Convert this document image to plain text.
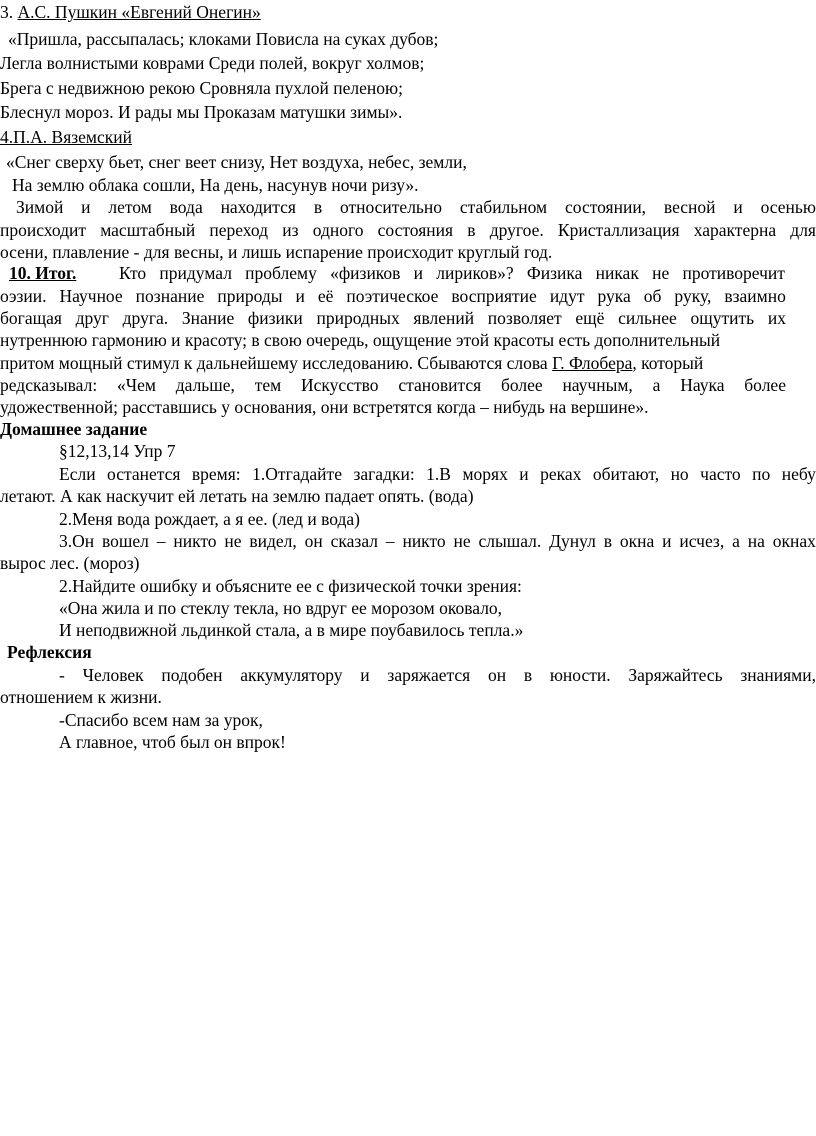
3. А.С. Пушкин «Евгений Онегин»
«Пришла, рассыпалась; клоками Повисла на суках дубов;
Легла волнистыми коврами Среди полей, вокруг холмов;
Брега с недвижною рекою Сровняла пухлой пеленою;
Блеснул мороз. И рады мы Проказам матушки зимы».
4.П.А. Вяземский
«Снег сверху бьет, снег веет снизу, Нет воздуха, небес, земли,
На землю облака сошли, На день, насунув ночи ризу».
Зимой и летом вода находится в относительно стабильном состоянии, весной и осенью
происходит масштабный переход из одного состояния в другое. Кристаллизация характерна для
осени, плавление - для весны, и лишь испарение происходит круглый год.
10. Итог. Кто придумал проблему «физиков и лириков»? Физика никак не противоречит
оэзии. Научное познание природы и её поэтическое восприятие идут рука об руку, взаимно
богащая друг друга. Знание физики природных явлений позволяет ещё сильнее ощутить их
нутреннюю гармонию и красоту; в свою очередь, ощущение этой красоты есть дополнительный
притом мощный стимул к дальнейшему исследованию. Сбываются слова Г. Флобера, который
редсказывал: «Чем дальше, тем Искусство становится более научным, а Наука более
удожественной; расставшись у основания, они встретятся когда – нибудь на вершине».
Домашнее задание
§12,13,14 Упр 7
Если останется время: 1.Отгадайте загадки: 1.В морях и реках обитают, но часто по небу
летают. А как наскучит ей летать на землю падает опять. (вода)
2.Меня вода рождает, а я ее. (лед и вода)
3.Он вошел – никто не видел, он сказал – никто не слышал. Дунул в окна и исчез, а на окнах
вырос лес. (мороз)
2.Найдите ошибку и объясните ее с физической точки зрения:
«Она жила и по стеклу текла, но вдруг ее морозом оковало,
И неподвижной льдинкой стала, а в мире поубавилось тепла.»
Рефлексия
- Человек подобен аккумулятору и заряжается он в юности. Заряжайтесь знаниями,
отношением к жизни.
-Спасибо всем нам за урок,
А главное, чтоб был он впрок!
